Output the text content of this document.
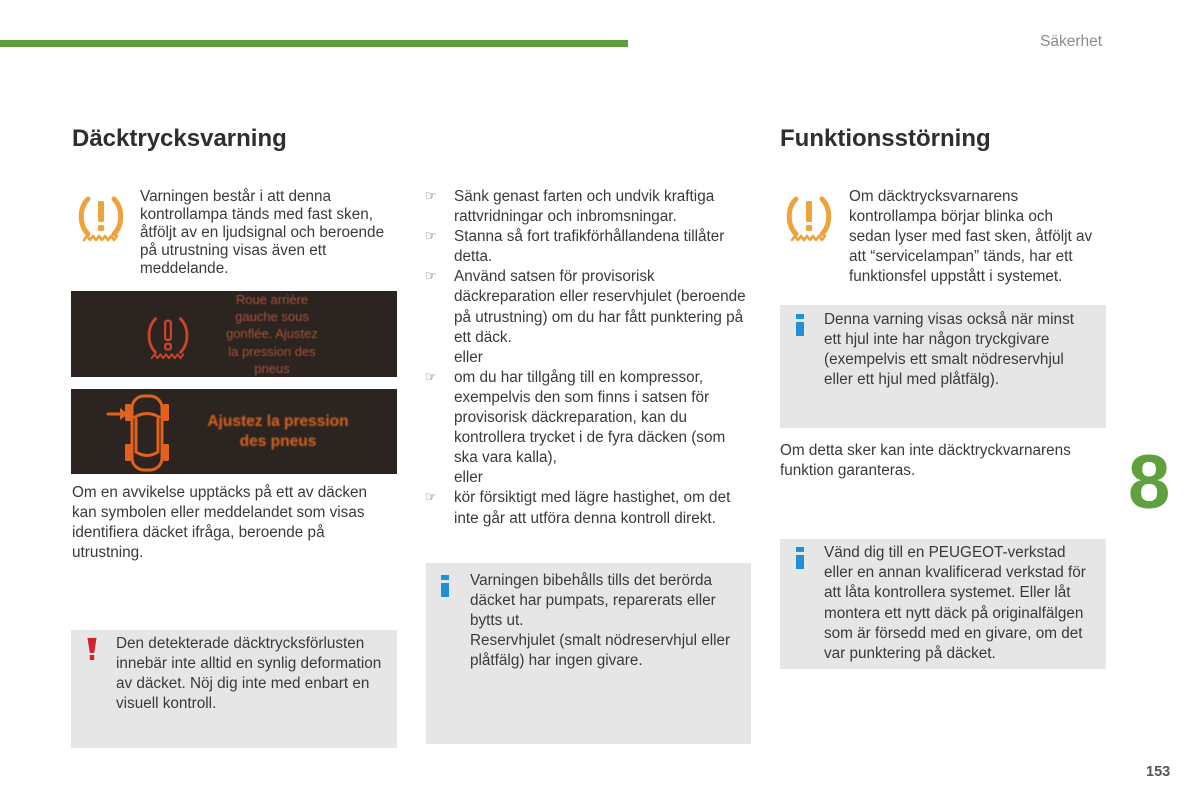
Säkerhet
Däcktrycksvarning
Varningen består i att denna
kontrollampa tänds med fast sken,
åtföljt av en ljudsignal och beroende
på utrustning visas även ett
meddelande.
Roue arrière
gauche sous
gonflée. Ajustez
la pression des
pneus
Ajustez la pression
des pneus
Om en avvikelse upptäcks på ett av däcken
kan symbolen eller meddelandet som visas
identifiera däcket ifråga, beroende på
utrustning.
Den detekterade däcktrycksförlusten
innebär inte alltid en synlig deformation
av däcket. Nöj dig inte med enbart en
visuell kontroll.
☞
Sänk genast farten och undvik kraftiga
rattvridningar och inbromsningar.
☞
Stanna så fort trafikförhållandena tillåter
detta.
☞
Använd satsen för provisorisk
däckreparation eller reservhjulet (beroende
på utrustning) om du har fått punktering på
ett däck.
eller
☞
om du har tillgång till en kompressor,
exempelvis den som finns i satsen för
provisorisk däckreparation, kan du
kontrollera trycket i de fyra däcken (som
ska vara kalla),
eller
☞
kör försiktigt med lägre hastighet, om det
inte går att utföra denna kontroll direkt.
Varningen bibehålls tills det berörda
däcket har pumpats, reparerats eller
bytts ut.
Reservhjulet (smalt nödreservhjul eller
plåtfälg) har ingen givare.
Funktionsstörning
Om däcktrycksvarnarens
kontrollampa börjar blinka och
sedan lyser med fast sken, åtföljt av
att “servicelampan” tänds, har ett
funktionsfel uppstått i systemet.
Denna varning visas också när minst
ett hjul inte har någon tryckgivare
(exempelvis ett smalt nödreservhjul
eller ett hjul med plåtfälg).
Om detta sker kan inte däcktryckvarnarens
funktion garanteras.
Vänd dig till en PEUGEOT-verkstad
eller en annan kvalificerad verkstad för
att låta kontrollera systemet. Eller låt
montera ett nytt däck på originalfälgen
som är försedd med en givare, om det
var punktering på däcket.
8
153
